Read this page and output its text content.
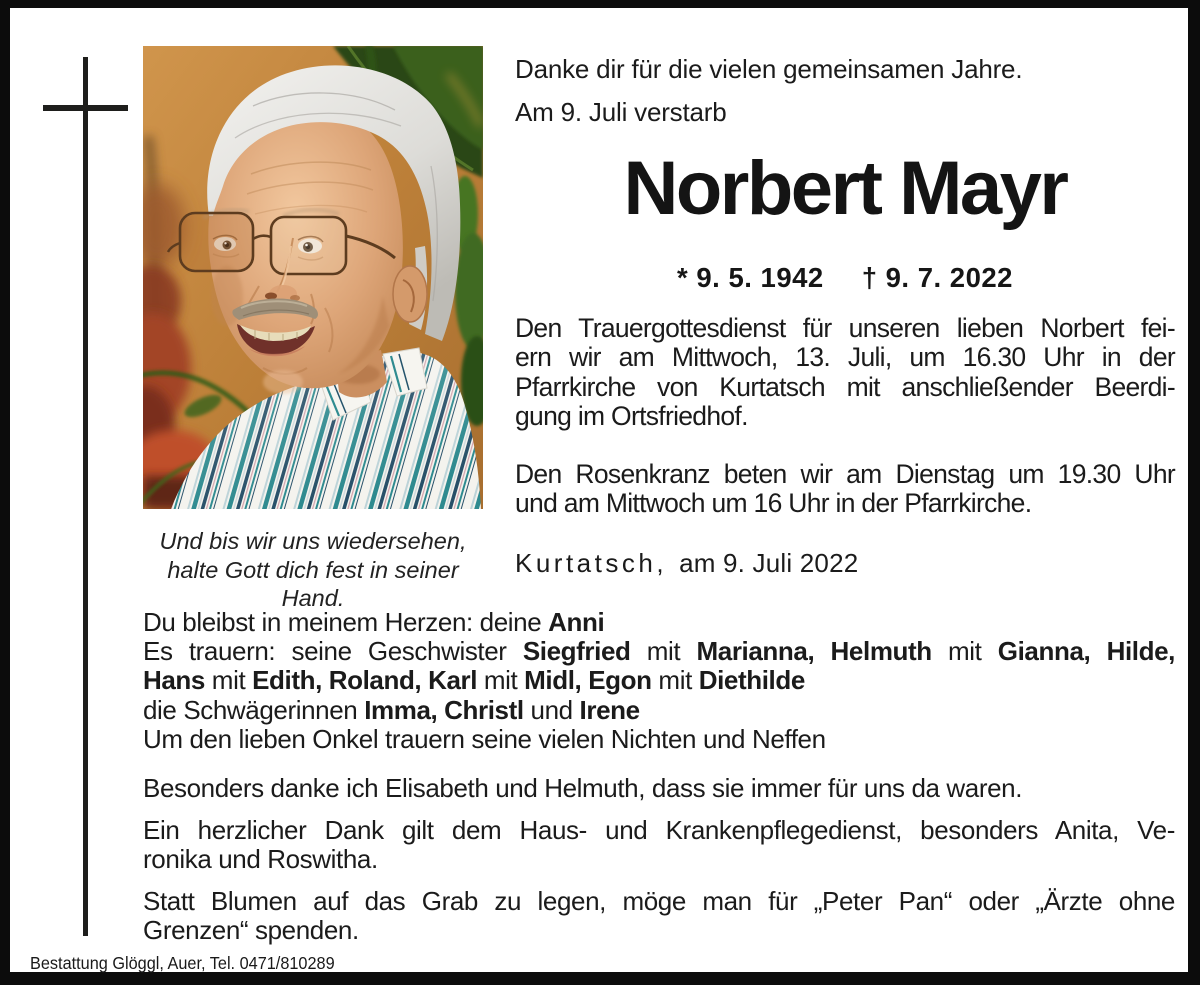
Und bis wir uns wiedersehen,
halte Gott dich fest in seiner Hand.
Danke dir für die vielen gemeinsamen Jahre.
Am 9. Juli verstarb
Norbert Mayr
* 9. 5. 1942 † 9. 7. 2022
Den Trauergottesdienst für unseren lieben Norbert fei-
ern wir am Mittwoch, 13. Juli, um 16.30 Uhr in der
Pfarrkirche von Kurtatsch mit anschließender Beerdi-
gung im Ortsfriedhof.
Den Rosenkranz beten wir am Dienstag um 19.30 Uhr
und am Mittwoch um 16 Uhr in der Pfarrkirche.
Kurtatsch, am 9. Juli 2022
Du bleibst in meinem Herzen: deine Anni
Es trauern: seine Geschwister Siegfried mit Marianna, Helmuth mit Gianna, Hilde,
Hans mit Edith, Roland, Karl mit Midl, Egon mit Diethilde
die Schwägerinnen Imma, Christl und Irene
Um den lieben Onkel trauern seine vielen Nichten und Neffen
Besonders danke ich Elisabeth und Helmuth, dass sie immer für uns da waren.
Ein herzlicher Dank gilt dem Haus- und Krankenpflegedienst, besonders Anita, Ve-
ronika und Roswitha.
Statt Blumen auf das Grab zu legen, möge man für „Peter Pan“ oder „Ärzte ohne
Grenzen“ spenden.
Bestattung Glöggl, Auer, Tel. 0471/810289
